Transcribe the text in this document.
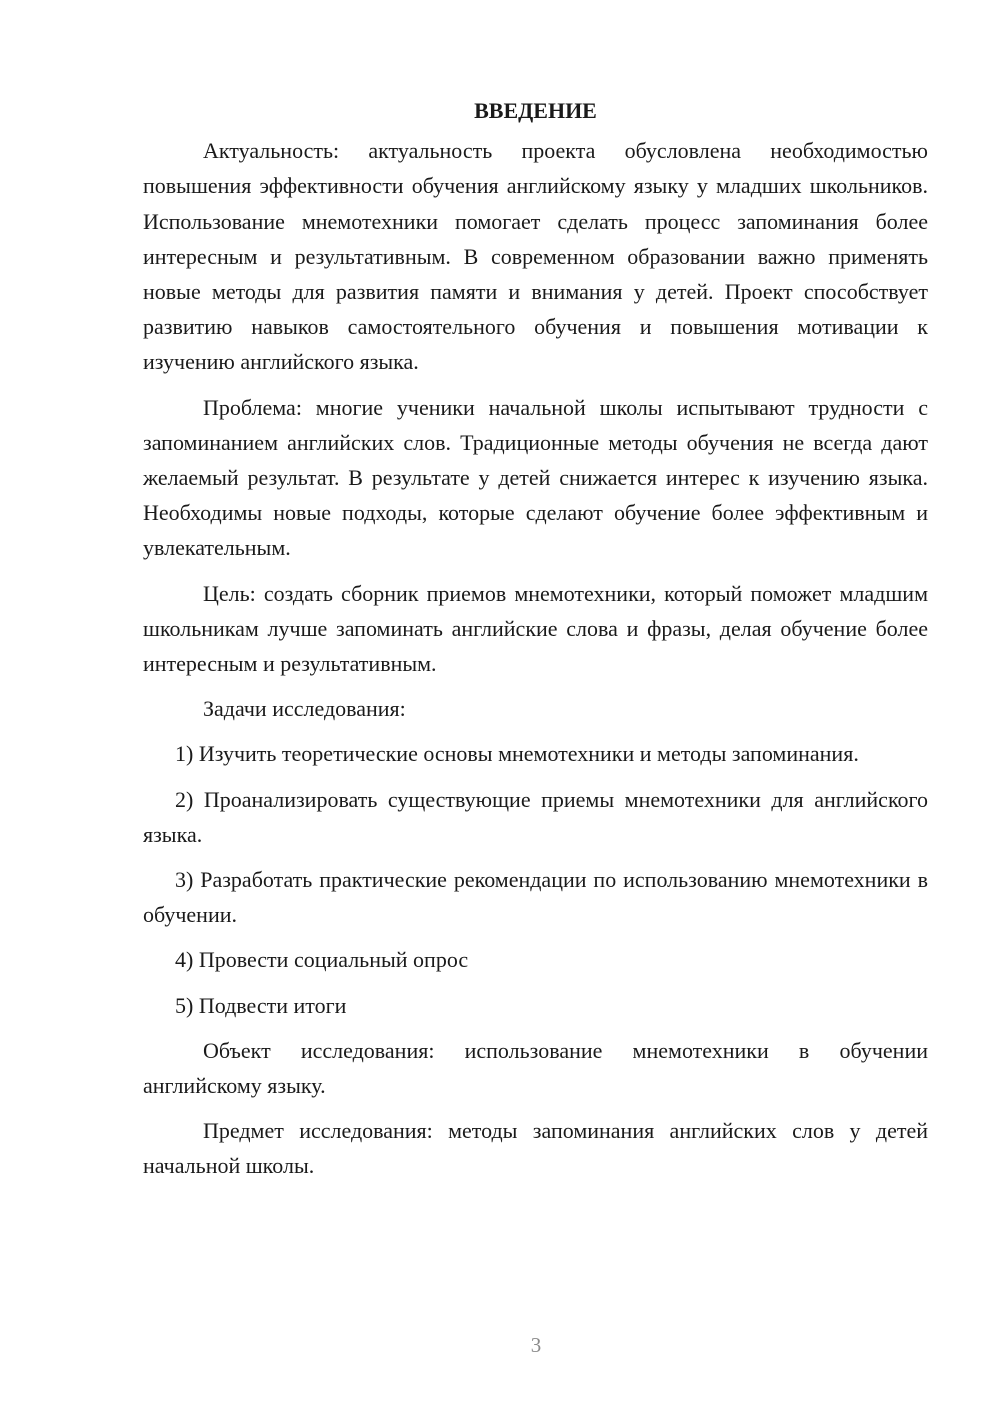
ВВЕДЕНИЕ

Актуальность: актуальность проекта обусловлена необходимостью повышения эффективности обучения английскому языку у младших школьников. Использование мнемотехники помогает сделать процесс запоминания более интересным и результативным. В современном образовании важно применять новые методы для развития памяти и внимания у детей. Проект способствует развитию навыков самостоятельного обучения и повышения мотивации к изучению английского языка.

Проблема: многие ученики начальной школы испытывают трудности с запоминанием английских слов. Традиционные методы обучения не всегда дают желаемый результат. В результате у детей снижается интерес к изучению языка. Необходимы новые подходы, которые сделают обучение более эффективным и увлекательным.

Цель: создать сборник приемов мнемотехники, который поможет младшим школьникам лучше запоминать английские слова и фразы, делая обучение более интересным и результативным.

Задачи исследования:

1) Изучить теоретические основы мнемотехники и методы запоминания.

2) Проанализировать существующие приемы мнемотехники для английского языка.

3) Разработать практические рекомендации по использованию мнемотехники в обучении.

4) Провести социальный опрос

5) Подвести итоги

Объект исследования: использование мнемотехники в обучении английскому языку.

Предмет исследования: методы запоминания английских слов у детей начальной школы.

3
